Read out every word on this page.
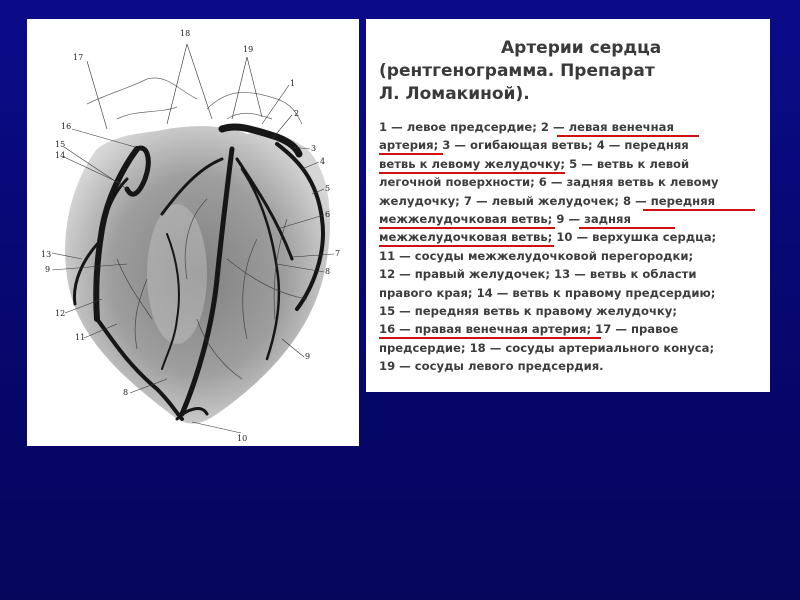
18
19
17
1
2
16
3
15
14
4
5
6
7
13
8
9
12
11
9
8
10
Артерии сердца
(рентгенограмма. Препарат
Л. Ломакиной).
1 — левое предсердие; 2 — левая венечная
артерия; 3 — огибающая ветвь; 4 — передняя
ветвь к левому желудочку; 5 — ветвь к левой
легочной поверхности; 6 — задняя ветвь к левому
желудочку; 7 — левый желудочек; 8 — передняя
межжелудочковая ветвь; 9 — задняя
межжелудочковая ветвь; 10 — верхушка сердца;
11 — сосуды межжелудочковой перегородки;
12 — правый желудочек; 13 — ветвь к области
правого края; 14 — ветвь к правому предсердию;
15 — передняя ветвь к правому желудочку;
16 — правая венечная артерия; 17 — правое
предсердие; 18 — сосуды артериального конуса;
19 — сосуды левого предсердия.
